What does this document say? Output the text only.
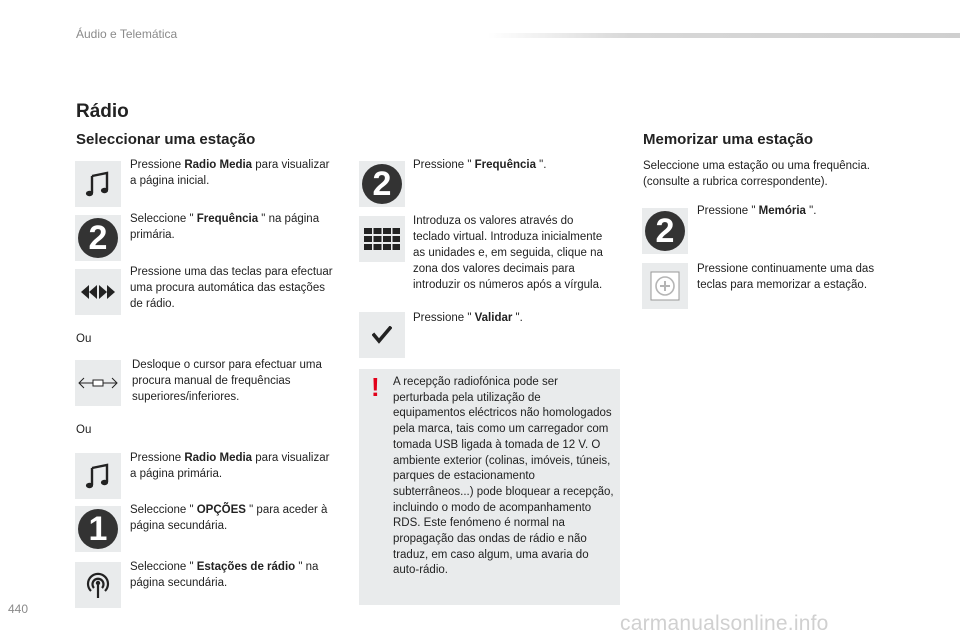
Áudio e Telemática
Rádio
Seleccionar uma estação
Pressione Radio Media para visualizar a página inicial.
2 Seleccione " Frequência " na página primária.
Pressione uma das teclas para efectuar uma procura automática das estações de rádio.
Ou
Desloque o cursor para efectuar uma procura manual de frequências superiores/inferiores.
Ou
Pressione Radio Media para visualizar a página primária.
1 Seleccione " OPÇÕES " para aceder à página secundária.
Seleccione " Estações de rádio " na página secundária.
2 Pressione " Frequência ".
Introduza os valores através do teclado virtual. Introduza inicialmente as unidades e, em seguida, clique na zona dos valores decimais para introduzir os números após a vírgula.
Pressione " Validar ".
! A recepção radiofónica pode ser perturbada pela utilização de equipamentos eléctricos não homologados pela marca, tais como um carregador com tomada USB ligada à tomada de 12 V. O ambiente exterior (colinas, imóveis, túneis, parques de estacionamento subterrâneos...) pode bloquear a recepção, incluindo o modo de acompanhamento RDS. Este fenómeno é normal na propagação das ondas de rádio e não traduz, em caso algum, uma avaria do auto-rádio.
Memorizar uma estação
Seleccione uma estação ou uma frequência. (consulte a rubrica correspondente).
2
Pressione " Memória ".
Pressione continuamente uma das teclas para memorizar a estação.
440
carmanualsonline.info
